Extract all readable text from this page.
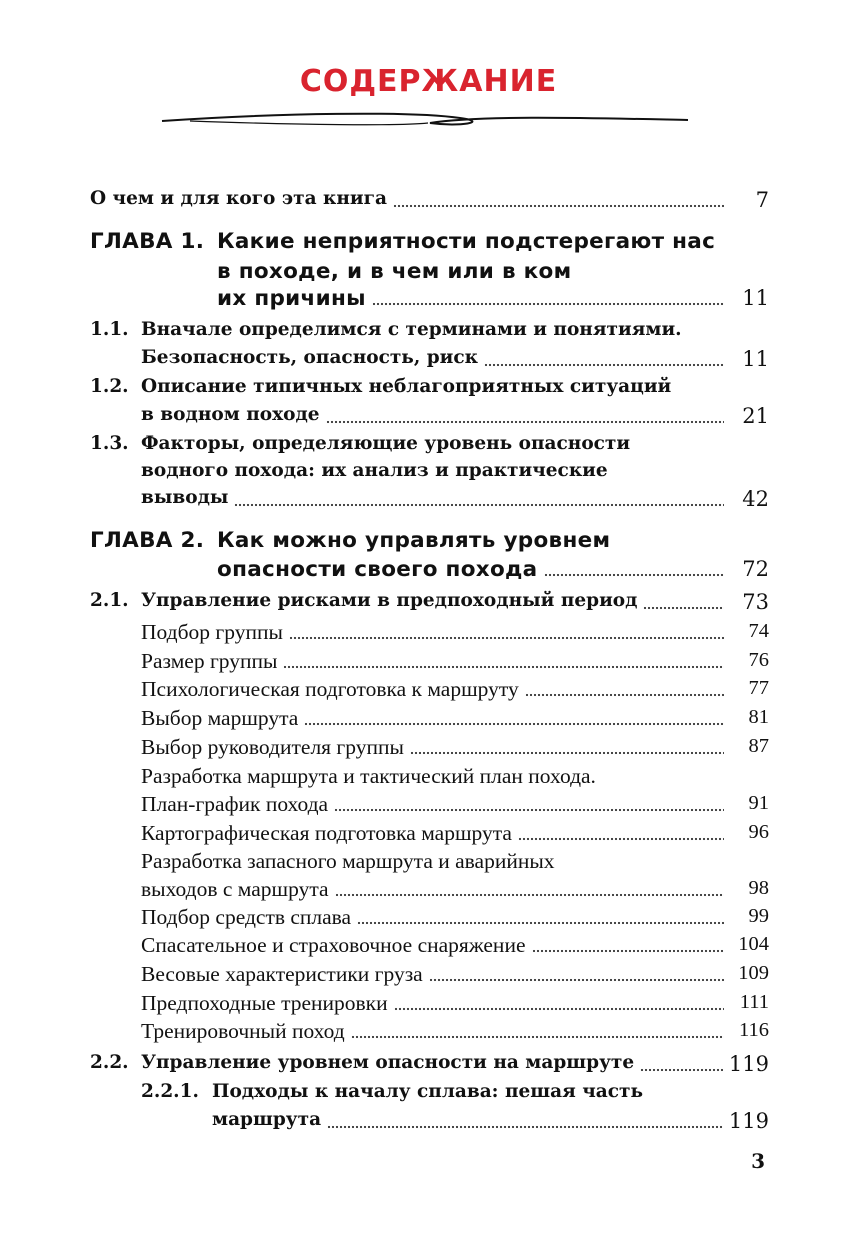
СОДЕРЖАНИЕ
О чем и для кого эта книга	7
ГЛАВА 1. Какие неприятности подстерегают нас
в походе, и в чем или в ком
их причины	11
1.1. Вначале определимся с терминами и понятиями.
Безопасность, опасность, риск	11
1.2. Описание типичных неблагоприятных ситуаций
в водном походе	21
1.3. Факторы, определяющие уровень опасности
водного похода: их анализ и практические
выводы	42
ГЛАВА 2. Как можно управлять уровнем
опасности своего похода	72
2.1. Управление рисками в предпоходный период	73
Подбор группы	74
Размер группы	76
Психологическая подготовка к маршруту	77
Выбор маршрута	81
Выбор руководителя группы	87
Разработка маршрута и тактический план похода.
План-график похода	91
Картографическая подготовка маршрута	96
Разработка запасного маршрута и аварийных
выходов с маршрута	98
Подбор средств сплава	99
Спасательное и страховочное снаряжение	104
Весовые характеристики груза	109
Предпоходные тренировки	111
Тренировочный поход	116
2.2. Управление уровнем опасности на маршруте	119
2.2.1. Подходы к началу сплава: пешая часть
маршрута	119
3
